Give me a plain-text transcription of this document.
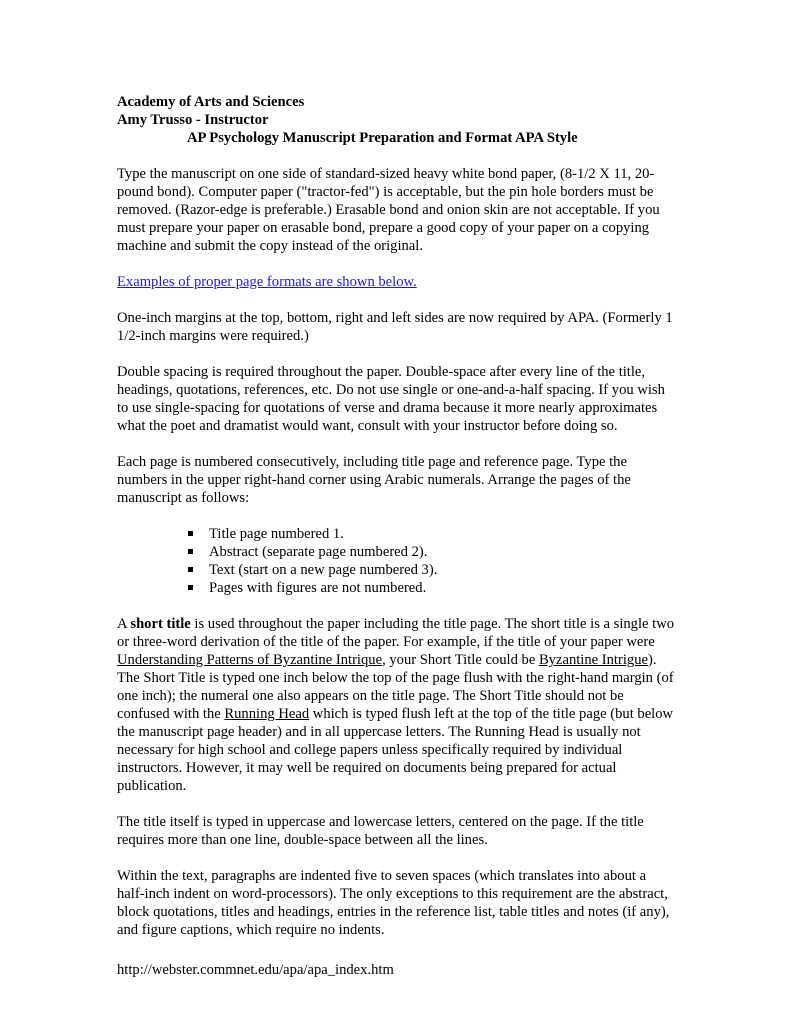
Academy of Arts and Sciences

Amy Trusso - Instructor

AP Psychology Manuscript Preparation and Format APA Style

Type the manuscript on one side of standard-sized heavy white bond paper, (8-1/2 X 11, 20-pound bond). Computer paper ("tractor-fed") is acceptable, but the pin hole borders must be removed. (Razor-edge is preferable.) Erasable bond and onion skin are not acceptable. If you must prepare your paper on erasable bond, prepare a good copy of your paper on a copying machine and submit the copy instead of the original.

Examples of proper page formats are shown below.

One-inch margins at the top, bottom, right and left sides are now required by APA. (Formerly 1 1/2-inch margins were required.)

Double spacing is required throughout the paper. Double-space after every line of the title, headings, quotations, references, etc. Do not use single or one-and-a-half spacing. If you wish to use single-spacing for quotations of verse and drama because it more nearly approximates what the poet and dramatist would want, consult with your instructor before doing so.

Each page is numbered consecutively, including title page and reference page. Type the numbers in the upper right-hand corner using Arabic numerals. Arrange the pages of the manuscript as follows:

Title page numbered 1.
Abstract (separate page numbered 2).
Text (start on a new page numbered 3).
Pages with figures are not numbered.

A short title is used throughout the paper including the title page. The short title is a single two or three-word derivation of the title of the paper. For example, if the title of your paper were Understanding Patterns of Byzantine Intrique, your Short Title could be Byzantine Intrigue). The Short Title is typed one inch below the top of the page flush with the right-hand margin (of one inch); the numeral one also appears on the title page. The Short Title should not be confused with the Running Head which is typed flush left at the top of the title page (but below the manuscript page header) and in all uppercase letters. The Running Head is usually not necessary for high school and college papers unless specifically required by individual instructors. However, it may well be required on documents being prepared for actual publication.

The title itself is typed in uppercase and lowercase letters, centered on the page. If the title requires more than one line, double-space between all the lines.

Within the text, paragraphs are indented five to seven spaces (which translates into about a half-inch indent on word-processors). The only exceptions to this requirement are the abstract, block quotations, titles and headings, entries in the reference list, table titles and notes (if any), and figure captions, which require no indents.

http://webster.commnet.edu/apa/apa_index.htm
